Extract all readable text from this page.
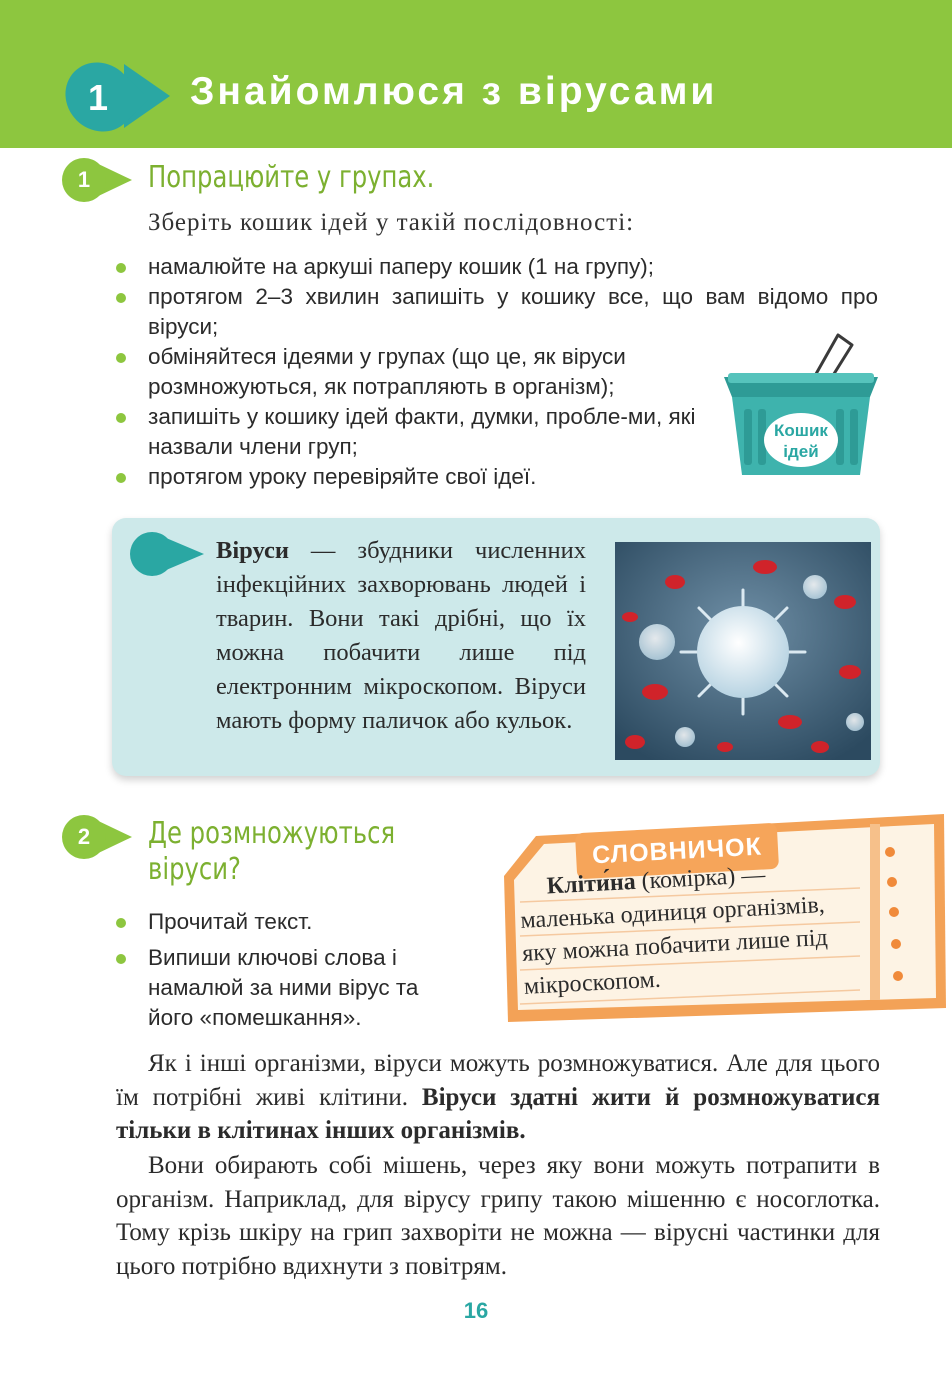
1	Знайомлюся з вірусами
1	Попрацюйте у групах.
Зберіть кошик ідей у такій послідовності:
намалюйте на аркуші паперу кошик (1 на групу);
протягом 2–3 хвилин запишіть у кошику все, що вам відомо про віруси;
обміняйтеся ідеями у групах (що це, як віруси розмножуються, як потрапляють в організм);
запишіть у кошику ідей факти, думки, пробле-ми, які назвали члени груп;
протягом уроку перевіряйте свої ідеї.
Кошик
ідей
Віруси — збудники численних інфекційних захворювань людей і тварин. Вони такі дрібні, що їх можна побачити лише під електронним мікроскопом. Віруси мають форму паличок або кульок.
2	Де розмножуються
віруси?
Прочитай текст.
Випиши ключові слова і намалюй за ними вірус та його «помешкання».
СЛОВНИЧОК
Кліти́на (комірка) — маленька одиниця організмів, яку можна побачити лише під мікроскопом.
Як і інші організми, віруси можуть розмножуватися. Але для цього їм потрібні живі клітини. Віруси здатні жити й розмножуватися тільки в клітинах інших організмів.
Вони обирають собі мішень, через яку вони можуть потрапити в організм. Наприклад, для вірусу грипу такою мішенню є носоглотка. Тому крізь шкіру на грип захворіти не можна — вірусні частинки для цього потрібно вдихнути з повітрям.
16
